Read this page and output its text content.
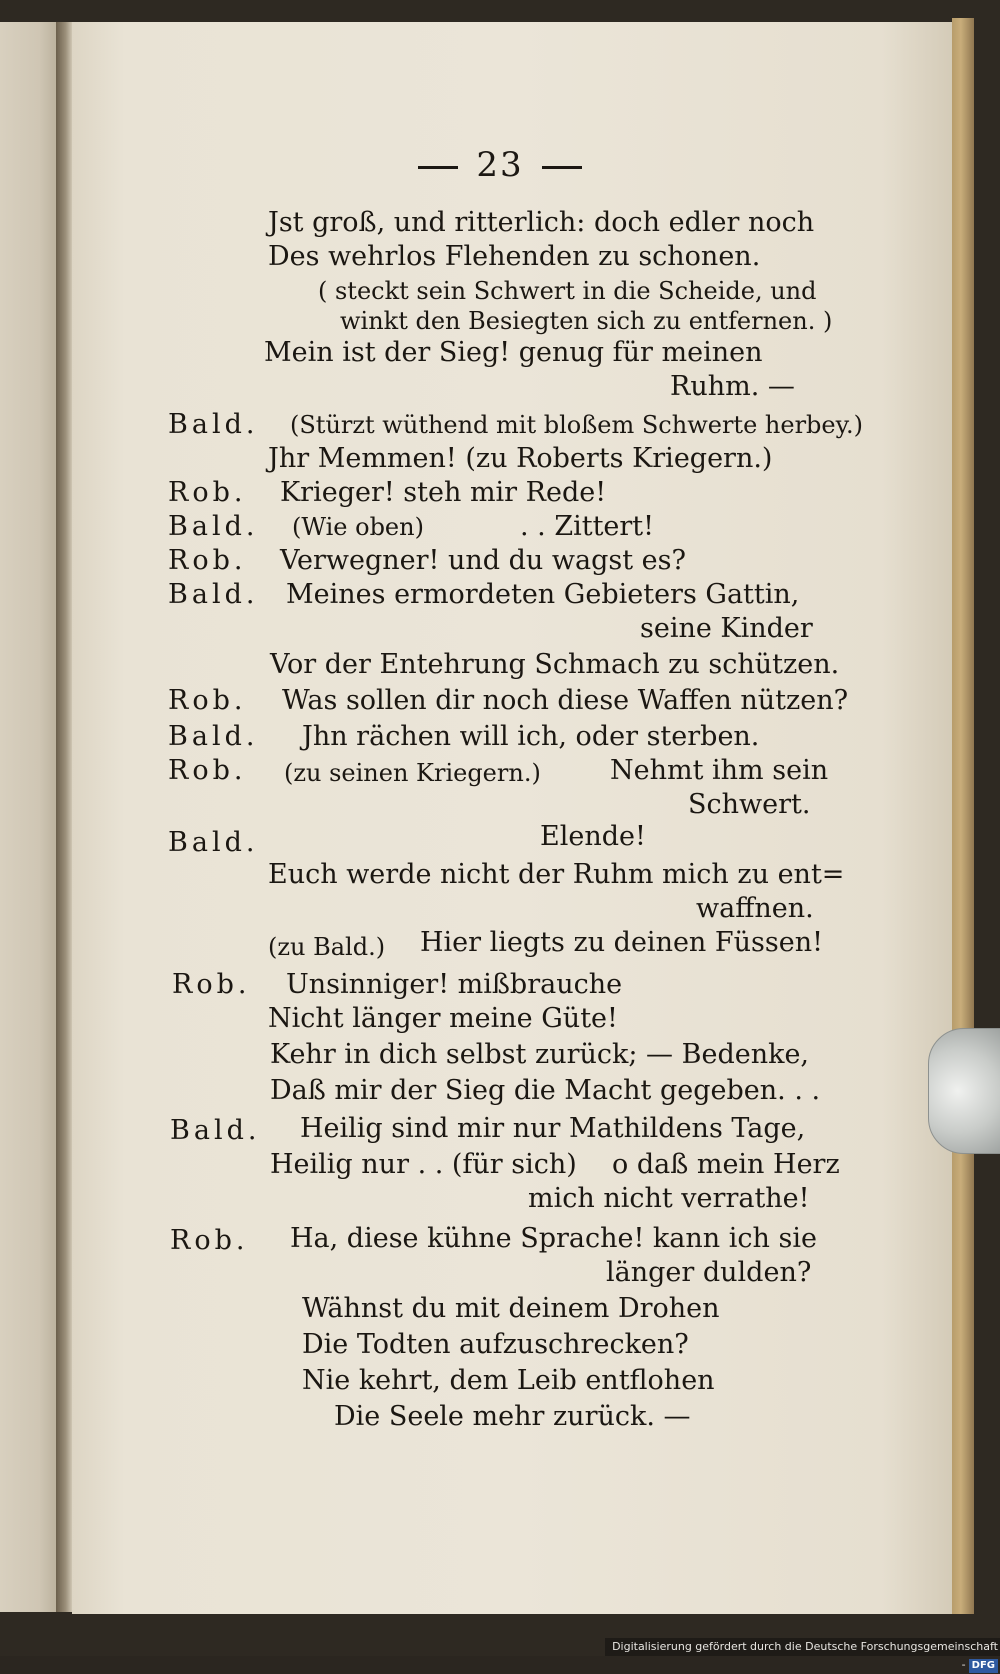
23
Jst groß, und ritterlich: doch edler noch
Des wehrlos Flehenden zu schonen.
( steckt sein Schwert in die Scheide, und
winkt den Besiegten sich zu entfernen. )
Mein ist der Sieg! genug für meinen
Ruhm. —
Bald. (Stürzt wüthend mit bloßem Schwerte herbey.)
Jhr Memmen! (zu Roberts Kriegern.)
Rob. Krieger! steh mir Rede!
Bald. (Wie oben)	. . Zittert!
Rob. Verwegner! und du wagst es?
Bald. Meines ermordeten Gebieters Gattin,
seine Kinder
Vor der Entehrung Schmach zu schützen.
Rob. Was sollen dir noch diese Waffen nützen?
Bald. Jhn rächen will ich, oder sterben.
Rob. (zu seinen Kriegern.)	Nehmt ihm sein
Schwert.
Bald.	Elende!
Euch werde nicht der Ruhm mich zu ent=
waffnen.
(zu Bald.) Hier liegts zu deinen Füssen!
Rob. Unsinniger! mißbrauche
Nicht länger meine Güte!
Kehr in dich selbst zurück; — Bedenke,
Daß mir der Sieg die Macht gegeben. . .
Bald. Heilig sind mir nur Mathildens Tage,
Heilig nur . . (für sich) o daß mein Herz
mich nicht verrathe!
Rob. Ha, diese kühne Sprache! kann ich sie
länger dulden?
Wähnst du mit deinem Drohen
Die Todten aufzuschrecken?
Nie kehrt, dem Leib entflohen
Die Seele mehr zurück. —
Digitalisierung gefördert durch die Deutsche Forschungsgemeinschaft - DFG
